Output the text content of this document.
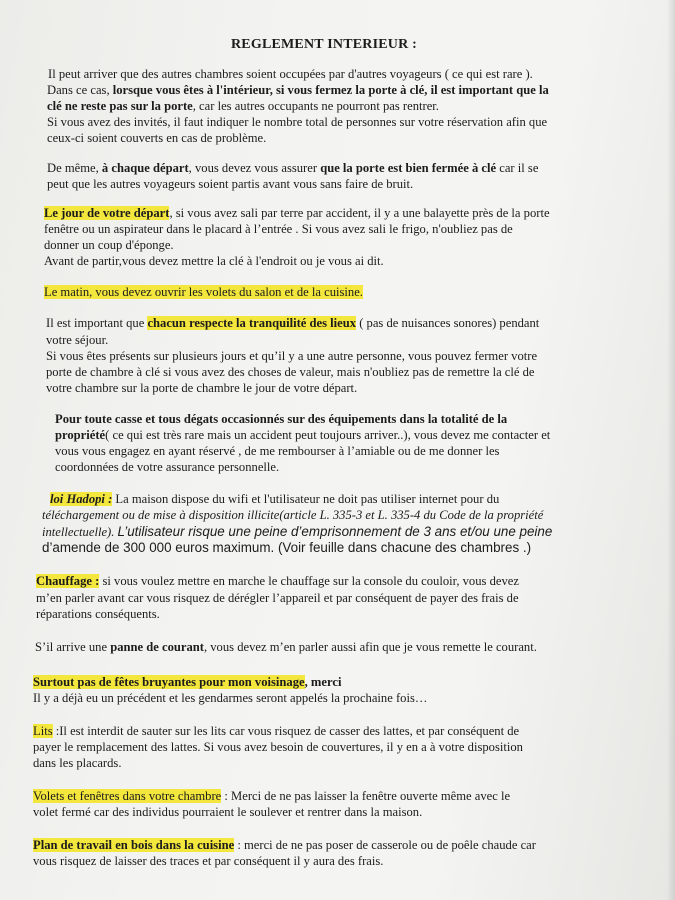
REGLEMENT INTERIEUR :
Il peut arriver que des autres chambres soient occupées par d'autres voyageurs ( ce qui est rare ).
Dans ce cas, lorsque vous êtes à l'intérieur, si vous fermez la porte à clé, il est important que la
clé ne reste pas sur la porte, car les autres occupants ne pourront pas rentrer.
Si vous avez des invités, il faut indiquer le nombre total de personnes sur votre réservation afin que
ceux-ci soient couverts en cas de problème.
De même, à chaque départ, vous devez vous assurer que la porte est bien fermée à clé car il se
peut que les autres voyageurs soient partis avant vous sans faire de bruit.
Le jour de votre départ, si vous avez sali par terre par accident, il y a une balayette près de la porte
fenêtre ou un aspirateur dans le placard à l’entrée . Si vous avez sali le frigo, n'oubliez pas de
donner un coup d'éponge.
Avant de partir,vous devez mettre la clé à l'endroit ou je vous ai dit.
Le matin, vous devez ouvrir les volets du salon et de la cuisine.
Il est important que chacun respecte la tranquilité des lieux ( pas de nuisances sonores) pendant
votre séjour.
Si vous êtes présents sur plusieurs jours et qu’il y a une autre personne, vous pouvez fermer votre
porte de chambre à clé si vous avez des choses de valeur, mais n'oubliez pas de remettre la clé de
votre chambre sur la porte de chambre le jour de votre départ.
Pour toute casse et tous dégats occasionnés sur des équipements dans la totalité de la
propriété( ce qui est très rare mais un accident peut toujours arriver..), vous devez me contacter et
vous vous engagez en ayant réservé , de me rembourser à l’amiable ou de me donner les
coordonnées de votre assurance personnelle.
loi Hadopi : La maison dispose du wifi et l'utilisateur ne doit pas utiliser internet pour du
téléchargement ou de mise à disposition illicite(article L. 335-3 et L. 335-4 du Code de la propriété
intellectuelle). L’utilisateur risque une peine d’emprisonnement de 3 ans et/ou une peine
d’amende de 300 000 euros maximum. (Voir feuille dans chacune des chambres .)
Chauffage : si vous voulez mettre en marche le chauffage sur la console du couloir, vous devez
m’en parler avant car vous risquez de dérégler l’appareil et par conséquent de payer des frais de
réparations conséquents.
S’il arrive une panne de courant, vous devez m’en parler aussi afin que je vous remette le courant.
Surtout pas de fêtes bruyantes pour mon voisinage, merci
Il y a déjà eu un précédent et les gendarmes seront appelés la prochaine fois…
Lits :Il est interdit de sauter sur les lits car vous risquez de casser des lattes, et par conséquent de
payer le remplacement des lattes. Si vous avez besoin de couvertures, il y en a à votre disposition
dans les placards.
Volets et fenêtres dans votre chambre : Merci de ne pas laisser la fenêtre ouverte même avec le
volet fermé car des individus pourraient le soulever et rentrer dans la maison.
Plan de travail en bois dans la cuisine : merci de ne pas poser de casserole ou de poêle chaude car
vous risquez de laisser des traces et par conséquent il y aura des frais.
